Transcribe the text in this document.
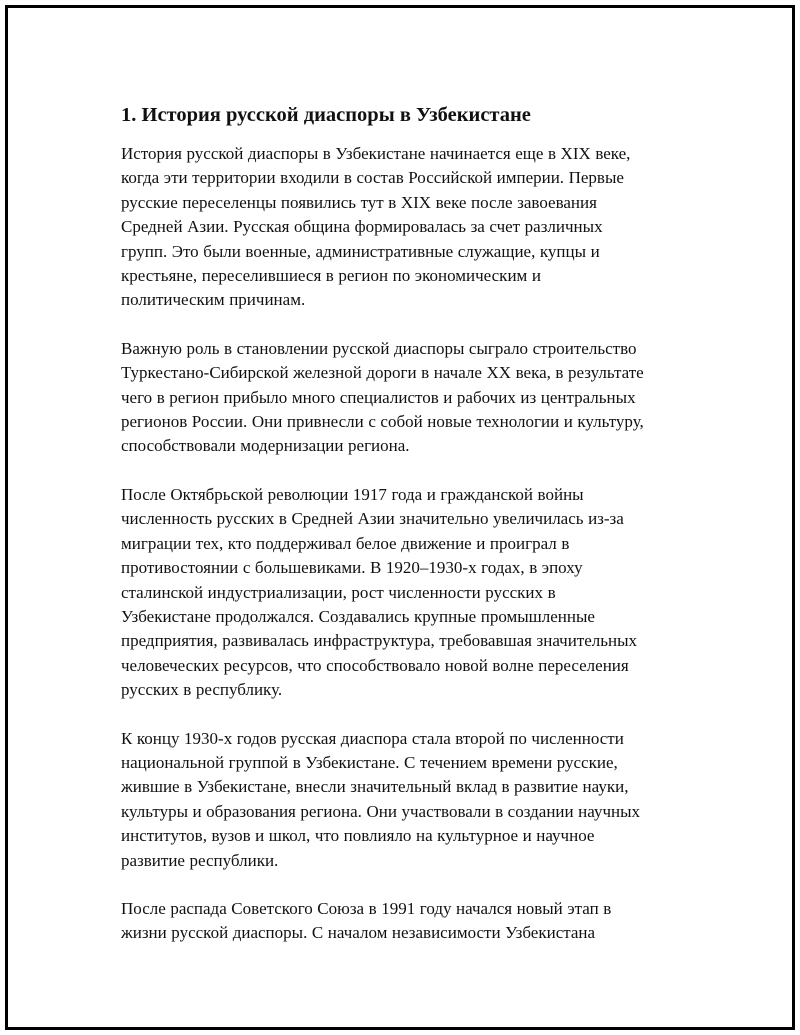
1. История русской диаспоры в Узбекистане

История русской диаспоры в Узбекистане начинается еще в XIX веке,
когда эти территории входили в состав Российской империи. Первые
русские переселенцы появились тут в XIX веке после завоевания
Средней Азии. Русская община формировалась за счет различных
групп. Это были военные, административные служащие, купцы и
крестьяне, переселившиеся в регион по экономическим и
политическим причинам.

Важную роль в становлении русской диаспоры сыграло строительство
Туркестано-Сибирской железной дороги в начале XX века, в результате
чего в регион прибыло много специалистов и рабочих из центральных
регионов России. Они привнесли с собой новые технологии и культуру,
способствовали модернизации региона.

После Октябрьской революции 1917 года и гражданской войны
численность русских в Средней Азии значительно увеличилась из-за
миграции тех, кто поддерживал белое движение и проиграл в
противостоянии с большевиками. В 1920–1930-х годах, в эпоху
сталинской индустриализации, рост численности русских в
Узбекистане продолжался. Создавались крупные промышленные
предприятия, развивалась инфраструктура, требовавшая значительных
человеческих ресурсов, что способствовало новой волне переселения
русских в республику.

К концу 1930-х годов русская диаспора стала второй по численности
национальной группой в Узбекистане. С течением времени русские,
жившие в Узбекистане, внесли значительный вклад в развитие науки,
культуры и образования региона. Они участвовали в создании научных
институтов, вузов и школ, что повлияло на культурное и научное
развитие республики.

После распада Советского Союза в 1991 году начался новый этап в
жизни русской диаспоры. С началом независимости Узбекистана
